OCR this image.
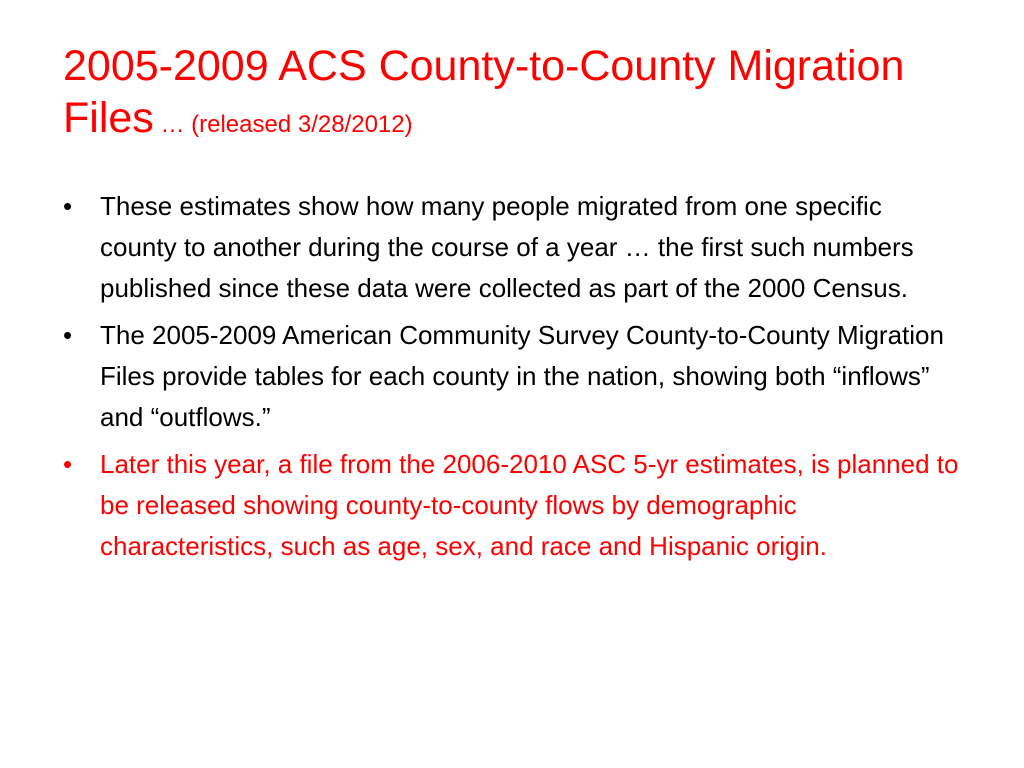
2005-2009 ACS County-to-County Migration Files … (released 3/28/2012)
•	These estimates show how many people migrated from one specific county to another during the course of a year … the first such numbers published since these data were collected as part of the 2000 Census.
•	The 2005-2009 American Community Survey County-to-County Migration Files provide tables for each county in the nation, showing both “inflows” and “outflows.”
•	Later this year, a file from the 2006-2010 ASC 5-yr estimates, is planned to be released showing county-to-county flows by demographic characteristics, such as age, sex, and race and Hispanic origin.
